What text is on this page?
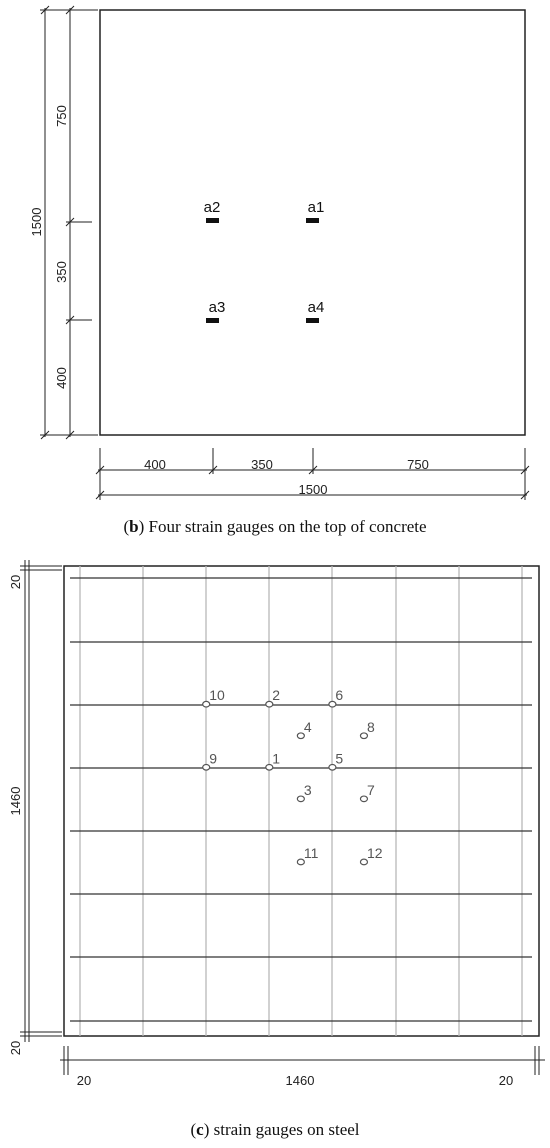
1500
750
350
400
400	350	750
1500
a2	a1
a3	a4
(b) Four strain gauges on the top of concrete
20
1460
20
20	1460	20
10	2	6
4	8
9	1	5
3	7
11	12
(c) strain gauges on steel
